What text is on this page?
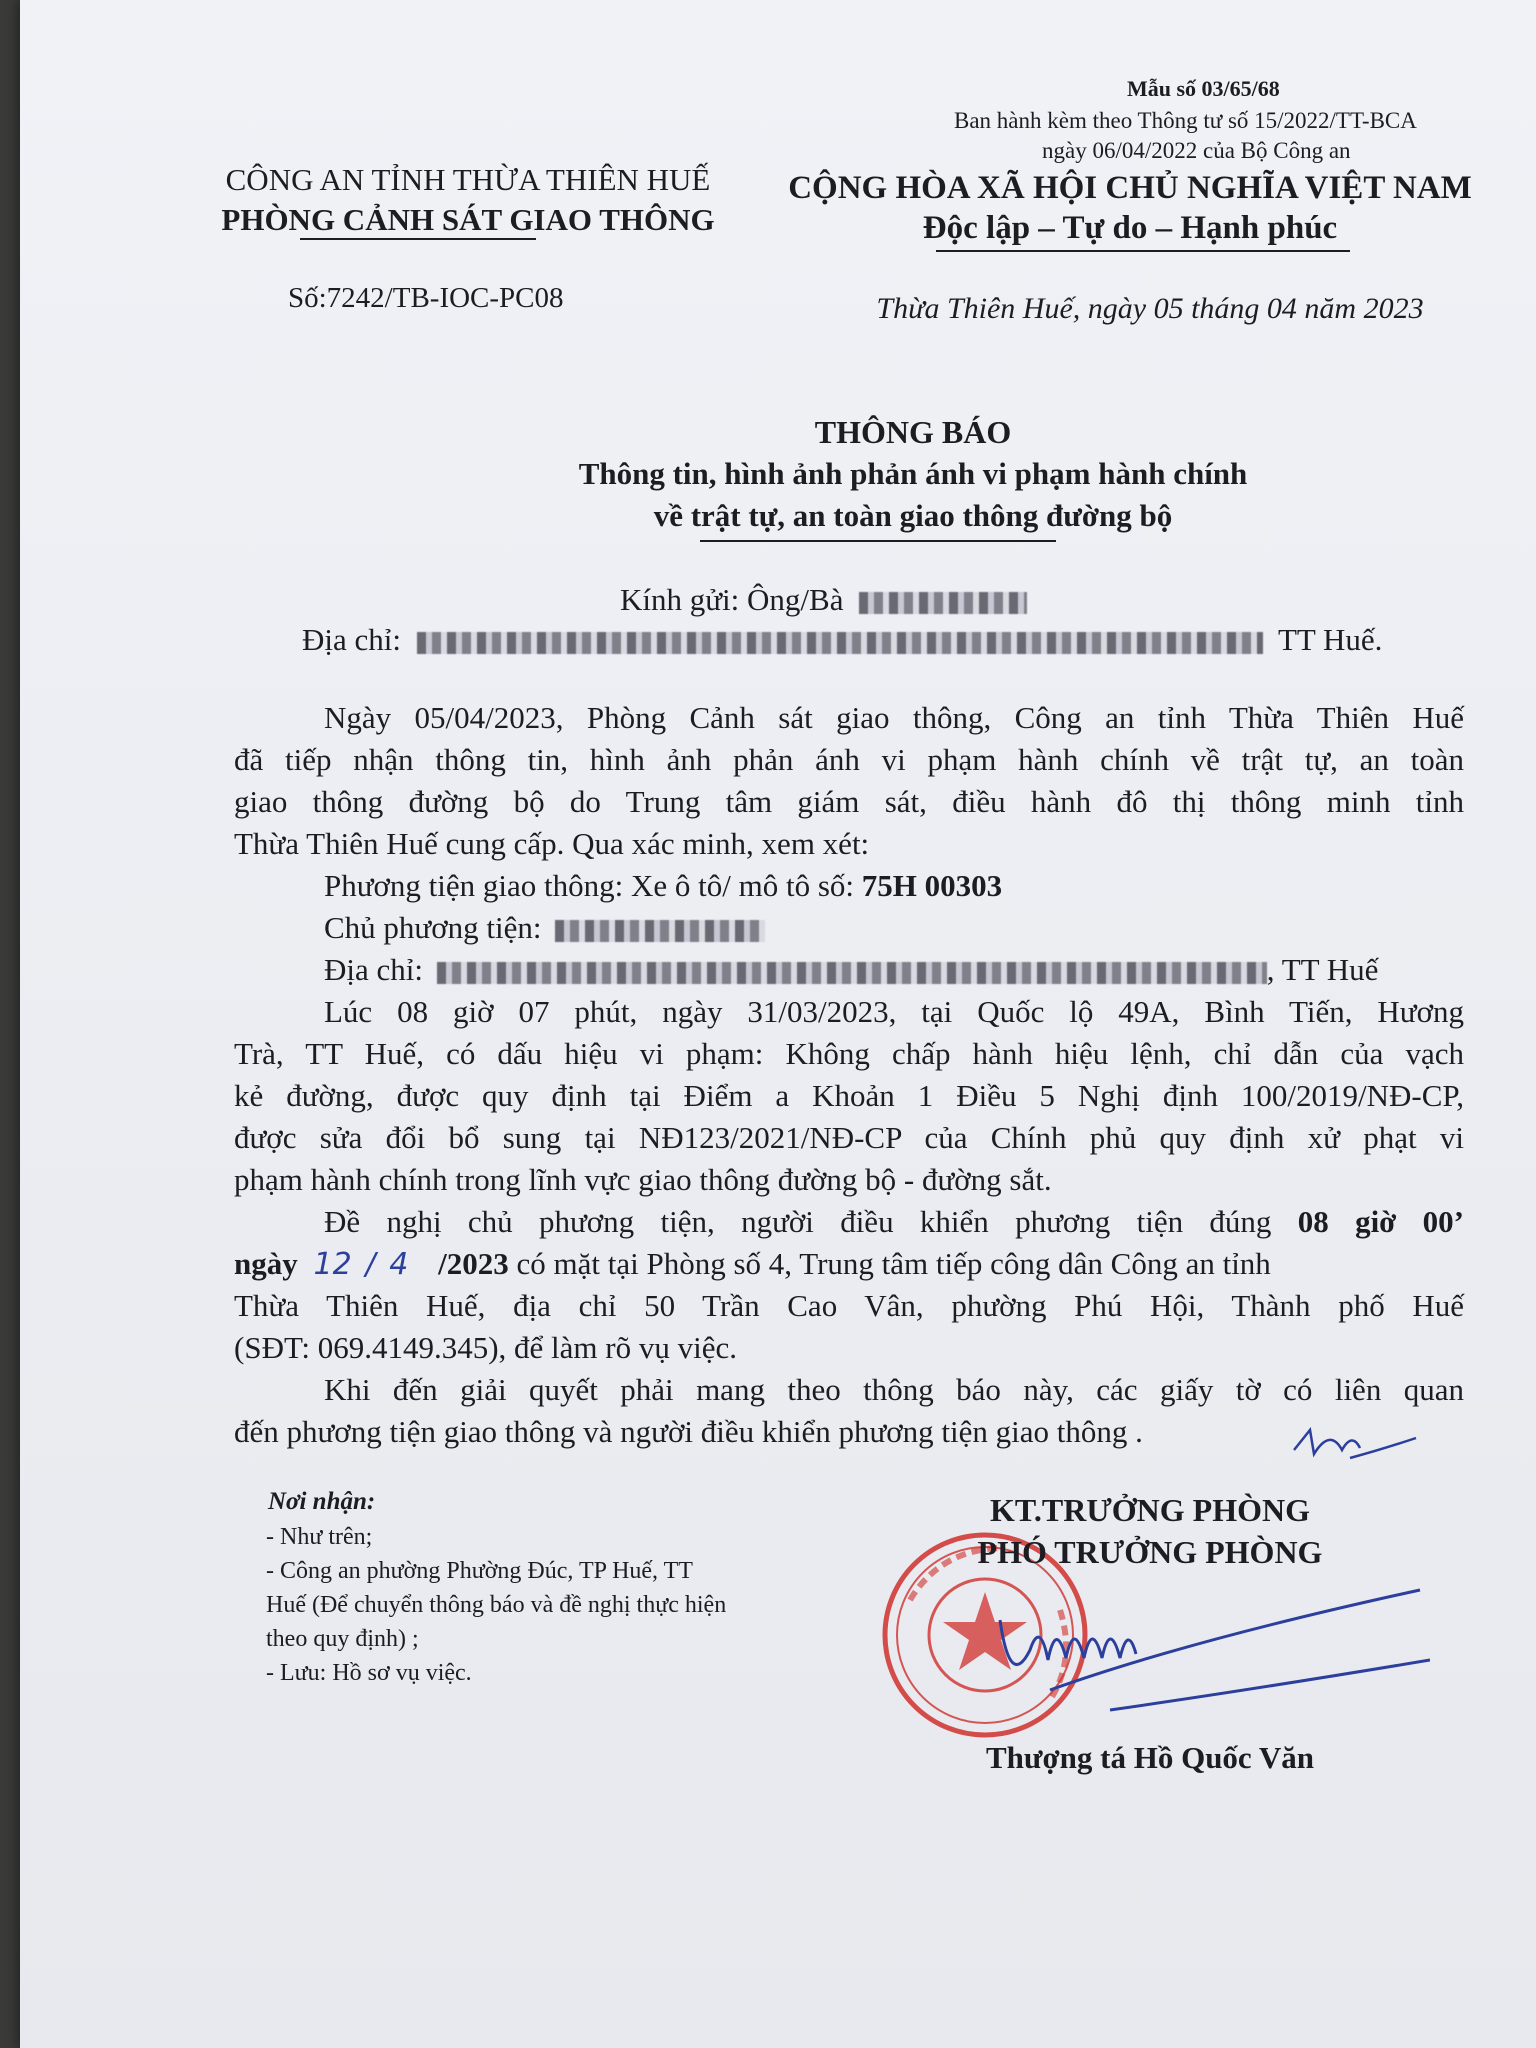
Mẫu số 03/65/68
Ban hành kèm theo Thông tư số 15/2022/TT-BCA
ngày 06/04/2022 của Bộ Công an
CÔNG AN TỈNH THỪA THIÊN HUẾ
PHÒNG CẢNH SÁT GIAO THÔNG
Số:7242/TB-IOC-PC08
CỘNG HÒA XÃ HỘI CHỦ NGHĨA VIỆT NAM
Độc lập – Tự do – Hạnh phúc
Thừa Thiên Huế, ngày 05 tháng 04 năm 2023
THÔNG BÁO
Thông tin, hình ảnh phản ánh vi phạm hành chính
về trật tự, an toàn giao thông đường bộ
Kính gửi: Ông/Bà
Địa chỉ:	TT Huế.
Ngày 05/04/2023, Phòng Cảnh sát giao thông, Công an tỉnh Thừa Thiên Huế
đã tiếp nhận thông tin, hình ảnh phản ánh vi phạm hành chính về trật tự, an toàn
giao thông đường bộ do Trung tâm giám sát, điều hành đô thị thông minh tỉnh
Thừa Thiên Huế cung cấp. Qua xác minh, xem xét:
Phương tiện giao thông: Xe ô tô/ mô tô số: 75H 00303
Chủ phương tiện:
Địa chỉ:	, TT Huế
Lúc 08 giờ 07 phút, ngày 31/03/2023, tại Quốc lộ 49A, Bình Tiến, Hương
Trà, TT Huế, có dấu hiệu vi phạm: Không chấp hành hiệu lệnh, chỉ dẫn của vạch
kẻ đường, được quy định tại Điểm a Khoản 1 Điều 5 Nghị định 100/2019/NĐ-CP,
được sửa đổi bổ sung tại NĐ123/2021/NĐ-CP của Chính phủ quy định xử phạt vi
phạm hành chính trong lĩnh vực giao thông đường bộ - đường sắt.
Đề nghị chủ phương tiện, người điều khiển phương tiện đúng 08 giờ 00’
ngày 12 / 4 /2023 có mặt tại Phòng số 4, Trung tâm tiếp công dân Công an tỉnh
Thừa Thiên Huế, địa chỉ 50 Trần Cao Vân, phường Phú Hội, Thành phố Huế
(SĐT: 069.4149.345), để làm rõ vụ việc.
Khi đến giải quyết phải mang theo thông báo này, các giấy tờ có liên quan
đến phương tiện giao thông và người điều khiển phương tiện giao thông .
Nơi nhận:
- Như trên;
- Công an phường Phường Đúc, TP Huế, TT
Huế (Để chuyển thông báo và đề nghị thực hiện
theo quy định) ;
- Lưu: Hồ sơ vụ việc.
KT.TRƯỞNG PHÒNG
PHÓ TRƯỞNG PHÒNG
Thượng tá Hồ Quốc Văn
